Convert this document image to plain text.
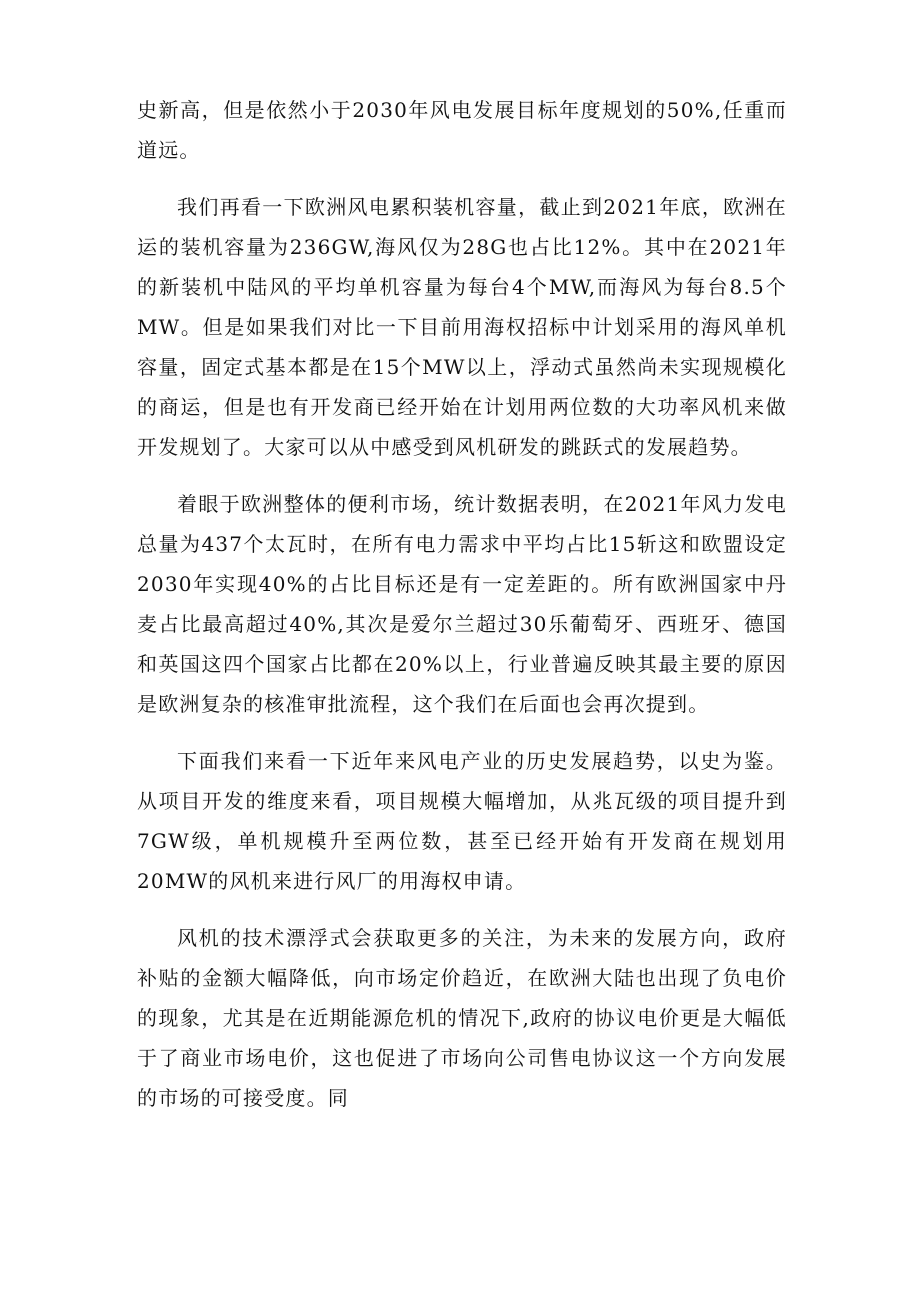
史新高，但是依然小于2030年风电发展目标年度规划的50%,任重而道远。

我们再看一下欧洲风电累积装机容量，截止到2021年底，欧洲在运的装机容量为236GW,海风仅为28G也占比12%。其中在2021年的新装机中陆风的平均单机容量为每台4个MW,而海风为每台8.5个MW。但是如果我们对比一下目前用海权招标中计划采用的海风单机容量，固定式基本都是在15个MW以上，浮动式虽然尚未实现规模化的商运，但是也有开发商已经开始在计划用两位数的大功率风机来做开发规划了。大家可以从中感受到风机研发的跳跃式的发展趋势。

着眼于欧洲整体的便利市场，统计数据表明，在2021年风力发电总量为437个太瓦时，在所有电力需求中平均占比15斩这和欧盟设定2030年实现40%的占比目标还是有一定差距的。所有欧洲国家中丹麦占比最高超过40%,其次是爱尔兰超过30乐葡萄牙、西班牙、德国和英国这四个国家占比都在20%以上，行业普遍反映其最主要的原因是欧洲复杂的核准审批流程，这个我们在后面也会再次提到。

下面我们来看一下近年来风电产业的历史发展趋势，以史为鉴。从项目开发的维度来看，项目规模大幅增加，从兆瓦级的项目提升到7GW级，单机规模升至两位数，甚至已经开始有开发商在规划用20MW的风机来进行风厂的用海权申请。

风机的技术漂浮式会获取更多的关注，为未来的发展方向，政府补贴的金额大幅降低，向市场定价趋近，在欧洲大陆也出现了负电价的现象，尤其是在近期能源危机的情况下,政府的协议电价更是大幅低于了商业市场电价，这也促进了市场向公司售电协议这一个方向发展的市场的可接受度。同
